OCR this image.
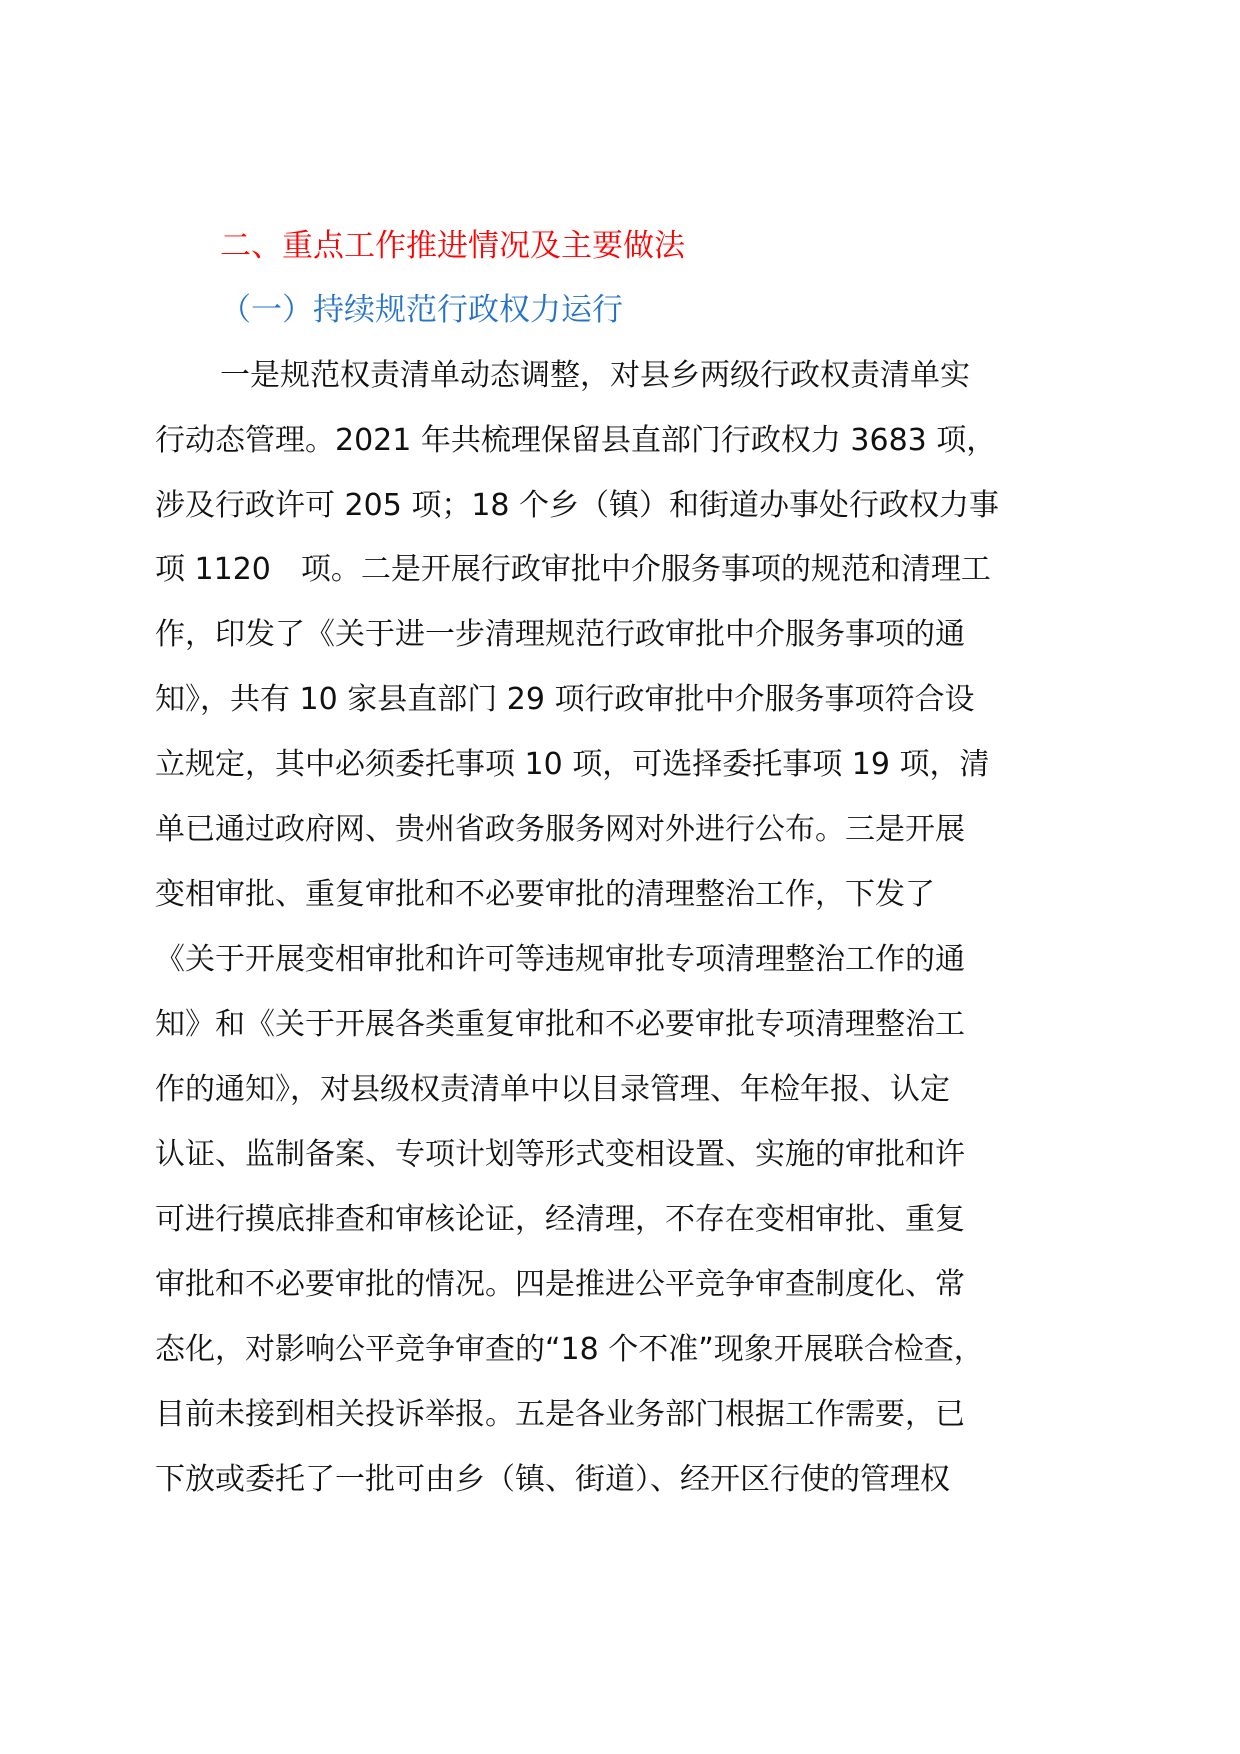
二、重点工作推进情况及主要做法
（一）持续规范行政权力运行
一是规范权责清单动态调整，对县乡两级行政权责清单实
行动态管理。2021 年共梳理保留县直部门行政权力 3683 项，
涉及行政许可 205 项；18 个乡（镇）和街道办事处行政权力事
项 1120　项。二是开展行政审批中介服务事项的规范和清理工
作，印发了《关于进一步清理规范行政审批中介服务事项的通
知》，共有 10 家县直部门 29 项行政审批中介服务事项符合设
立规定，其中必须委托事项 10 项，可选择委托事项 19 项，清
单已通过政府网、贵州省政务服务网对外进行公布。三是开展
变相审批、重复审批和不必要审批的清理整治工作，下发了
《关于开展变相审批和许可等违规审批专项清理整治工作的通
知》和《关于开展各类重复审批和不必要审批专项清理整治工
作的通知》，对县级权责清单中以目录管理、年检年报、认定
认证、监制备案、专项计划等形式变相设置、实施的审批和许
可进行摸底排查和审核论证，经清理，不存在变相审批、重复
审批和不必要审批的情况。四是推进公平竞争审查制度化、常
态化，对影响公平竞争审查的“18 个不准”现象开展联合检查，
目前未接到相关投诉举报。五是各业务部门根据工作需要，已
下放或委托了一批可由乡（镇、街道）、经开区行使的管理权
